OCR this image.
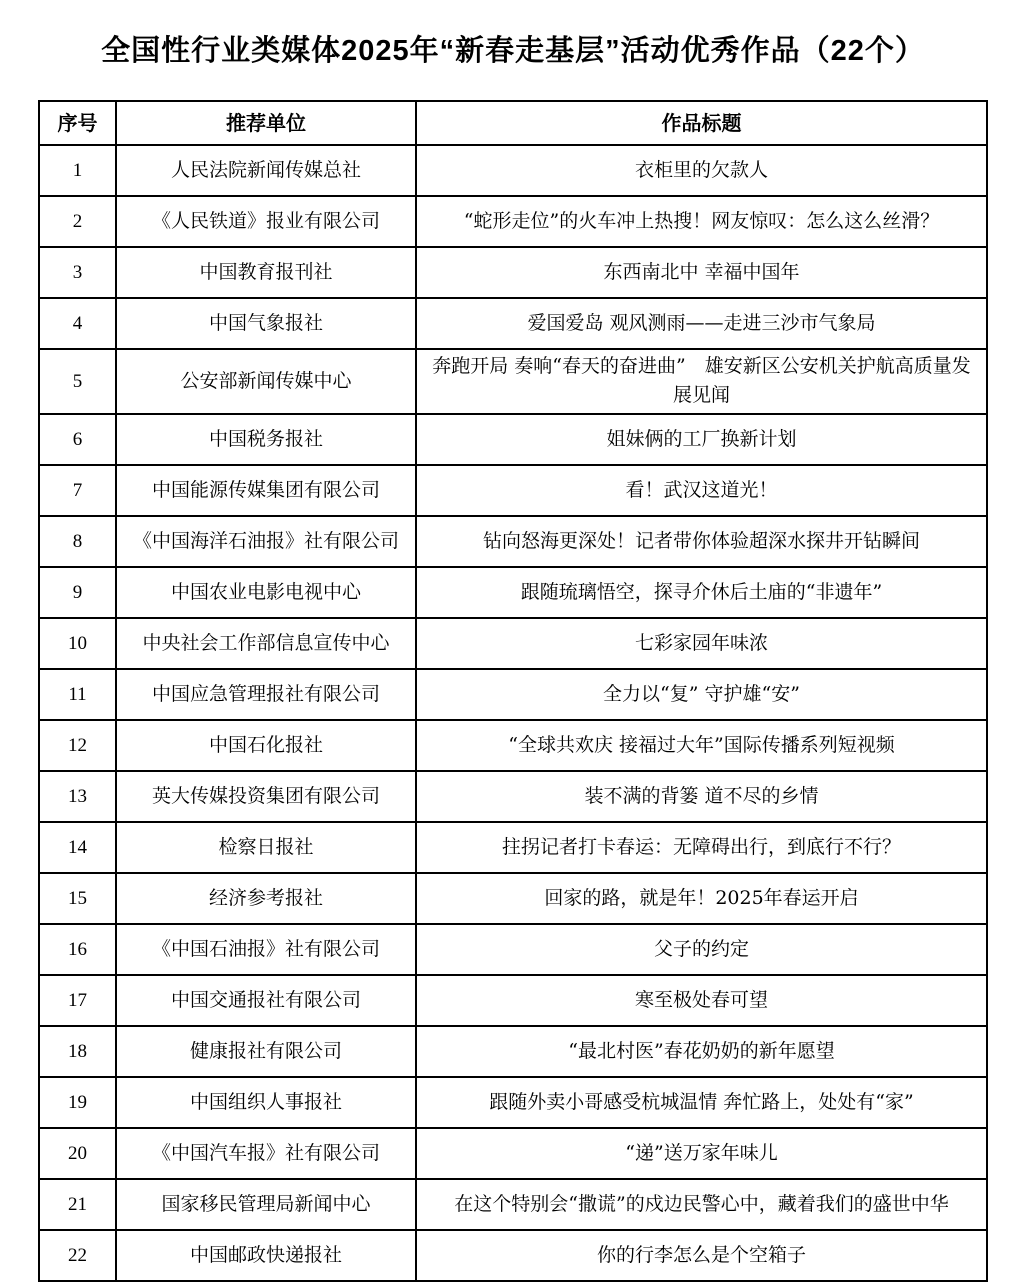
全国性行业类媒体2025年“新春走基层”活动优秀作品（22个）
序号	推荐单位	作品标题
1	人民法院新闻传媒总社	衣柜里的欠款人
2	《人民铁道》报业有限公司	“蛇形走位”的火车冲上热搜！网友惊叹：怎么这么丝滑？
3	中国教育报刊社	东西南北中 幸福中国年
4	中国气象报社	爱国爱岛 观风测雨——走进三沙市气象局
5	公安部新闻传媒中心	奔跑开局 奏响“春天的奋进曲”　雄安新区公安机关护航高质量发展见闻
6	中国税务报社	姐妹俩的工厂换新计划
7	中国能源传媒集团有限公司	看！武汉这道光！
8	《中国海洋石油报》社有限公司	钻向怒海更深处！记者带你体验超深水探井开钻瞬间
9	中国农业电影电视中心	跟随琉璃悟空，探寻介休后土庙的“非遗年”
10	中央社会工作部信息宣传中心	七彩家园年味浓
11	中国应急管理报社有限公司	全力以“复” 守护雄“安”
12	中国石化报社	“全球共欢庆 接福过大年”国际传播系列短视频
13	英大传媒投资集团有限公司	装不满的背篓 道不尽的乡情
14	检察日报社	拄拐记者打卡春运：无障碍出行，到底行不行？
15	经济参考报社	回家的路，就是年！2025年春运开启
16	《中国石油报》社有限公司	父子的约定
17	中国交通报社有限公司	寒至极处春可望
18	健康报社有限公司	“最北村医”春花奶奶的新年愿望
19	中国组织人事报社	跟随外卖小哥感受杭城温情 奔忙路上，处处有“家”
20	《中国汽车报》社有限公司	“递”送万家年味儿
21	国家移民管理局新闻中心	在这个特别会“撒谎”的戍边民警心中，藏着我们的盛世中华
22	中国邮政快递报社	你的行李怎么是个空箱子
